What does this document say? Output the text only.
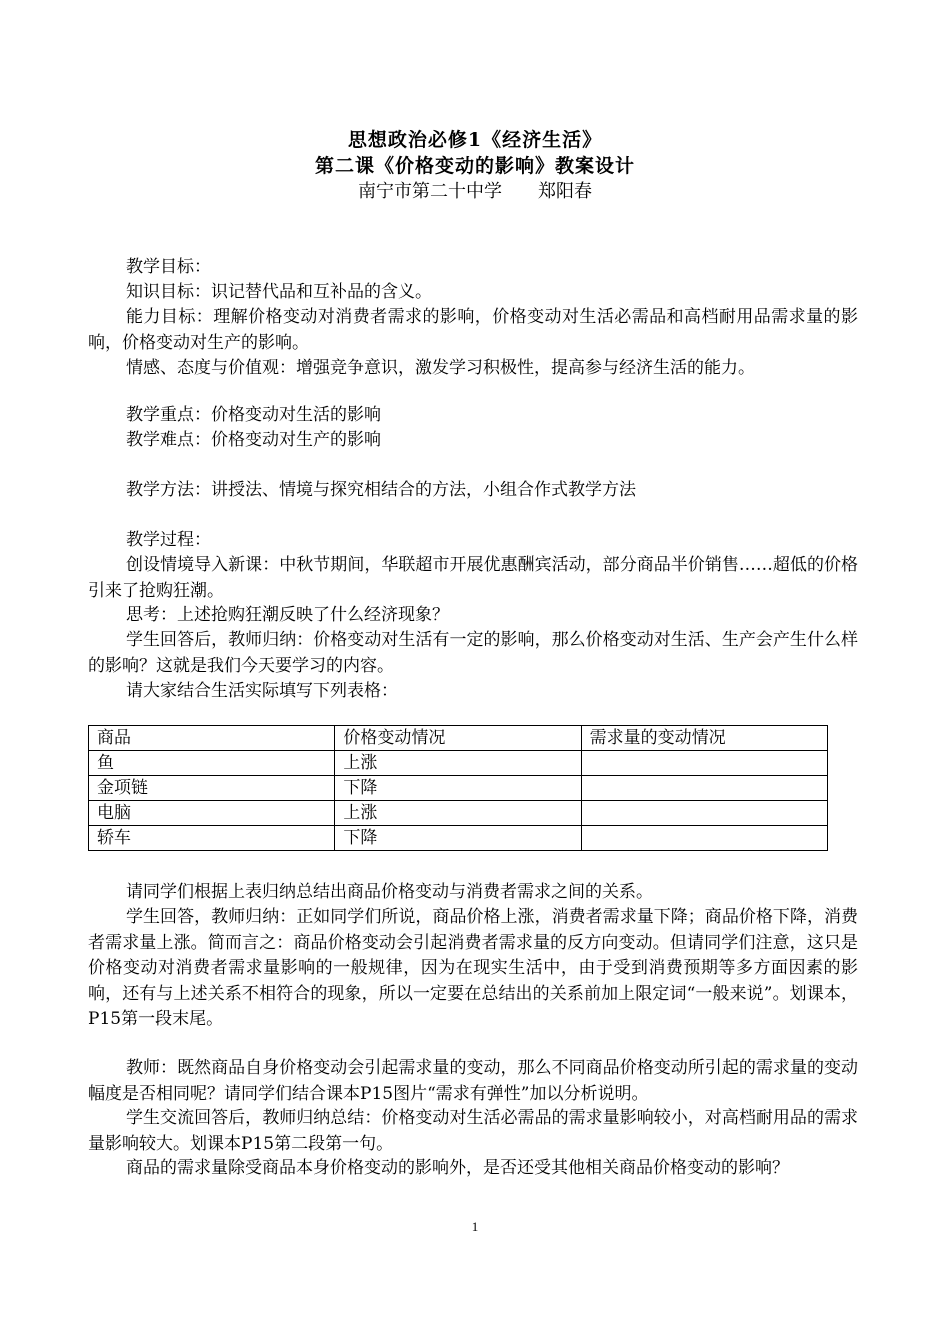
思想政治必修1《经济生活》
第二课《价格变动的影响》教案设计
南宁市第二十中学　　郑阳春

教学目标：

知识目标：识记替代品和互补品的含义。

能力目标：理解价格变动对消费者需求的影响，价格变动对生活必需品和高档耐用品需求量的影响，价格变动对生产的影响。

情感、态度与价值观：增强竞争意识，激发学习积极性，提高参与经济生活的能力。

教学重点：价格变动对生活的影响

教学难点：价格变动对生产的影响

教学方法：讲授法、情境与探究相结合的方法，小组合作式教学方法

教学过程：

创设情境导入新课：中秋节期间，华联超市开展优惠酬宾活动，部分商品半价销售……超低的价格引来了抢购狂潮。

思考：上述抢购狂潮反映了什么经济现象？

学生回答后，教师归纳：价格变动对生活有一定的影响，那么价格变动对生活、生产会产生什么样的影响？这就是我们今天要学习的内容。

请大家结合生活实际填写下列表格：

商品	价格变动情况	需求量的变动情况
鱼	上涨	
金项链	下降	
电脑	上涨	
轿车	下降	

请同学们根据上表归纳总结出商品价格变动与消费者需求之间的关系。

学生回答，教师归纳：正如同学们所说，商品价格上涨，消费者需求量下降；商品价格下降，消费者需求量上涨。简而言之：商品价格变动会引起消费者需求量的反方向变动。但请同学们注意，这只是价格变动对消费者需求量影响的一般规律，因为在现实生活中，由于受到消费预期等多方面因素的影响，还有与上述关系不相符合的现象，所以一定要在总结出的关系前加上限定词“一般来说”。划课本，P15第一段末尾。

教师：既然商品自身价格变动会引起需求量的变动，那么不同商品价格变动所引起的需求量的变动幅度是否相同呢？请同学们结合课本P15图片“需求有弹性”加以分析说明。

学生交流回答后，教师归纳总结：价格变动对生活必需品的需求量影响较小，对高档耐用品的需求量影响较大。划课本P15第二段第一句。

商品的需求量除受商品本身价格变动的影响外，是否还受其他相关商品价格变动的影响？

1
